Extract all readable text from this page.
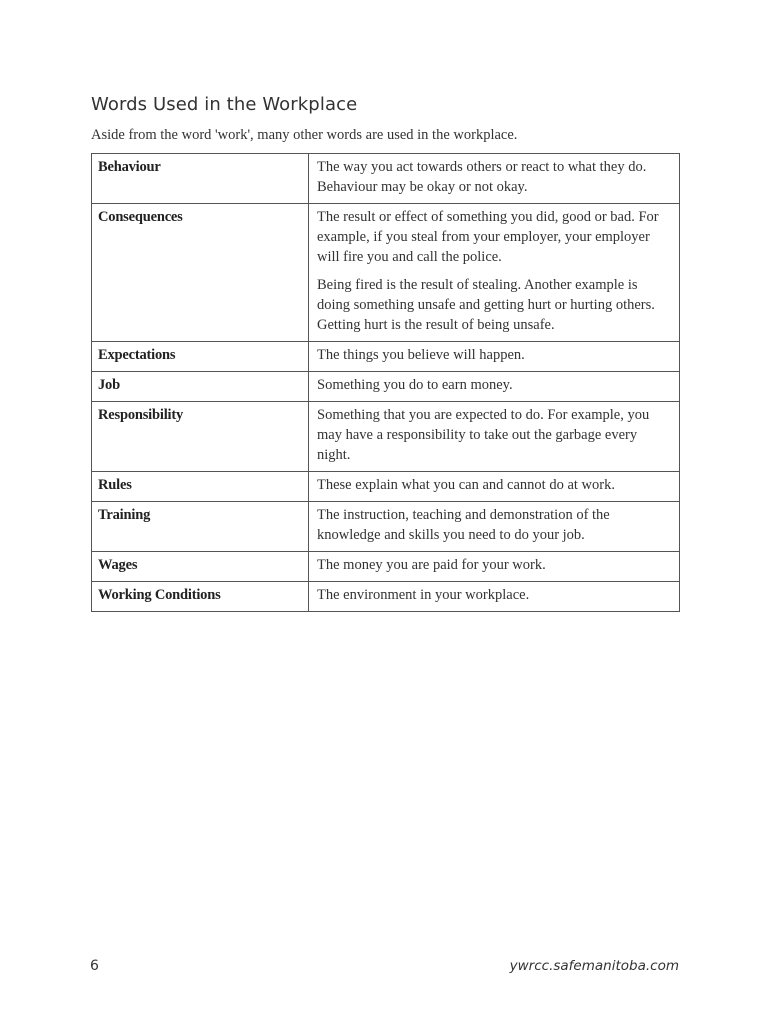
Words Used in the Workplace

Aside from the word 'work', many other words are used in the workplace.

Behaviour	The way you act towards others or react to what they do. Behaviour may be okay or not okay.

Consequences	The result or effect of something you did, good or bad. For example, if you steal from your employer, your employer will fire you and call the police.

Being fired is the result of stealing. Another example is doing something unsafe and getting hurt or hurting others. Getting hurt is the result of being unsafe.

Expectations	The things you believe will happen.

Job	Something you do to earn money.

Responsibility	Something that you are expected to do. For example, you may have a responsibility to take out the garbage every night.

Rules	These explain what you can and cannot do at work.

Training	The instruction, teaching and demonstration of the knowledge and skills you need to do your job.

Wages	The money you are paid for your work.

Working Conditions	The environment in your workplace.

6	ywrcc.safemanitoba.com
